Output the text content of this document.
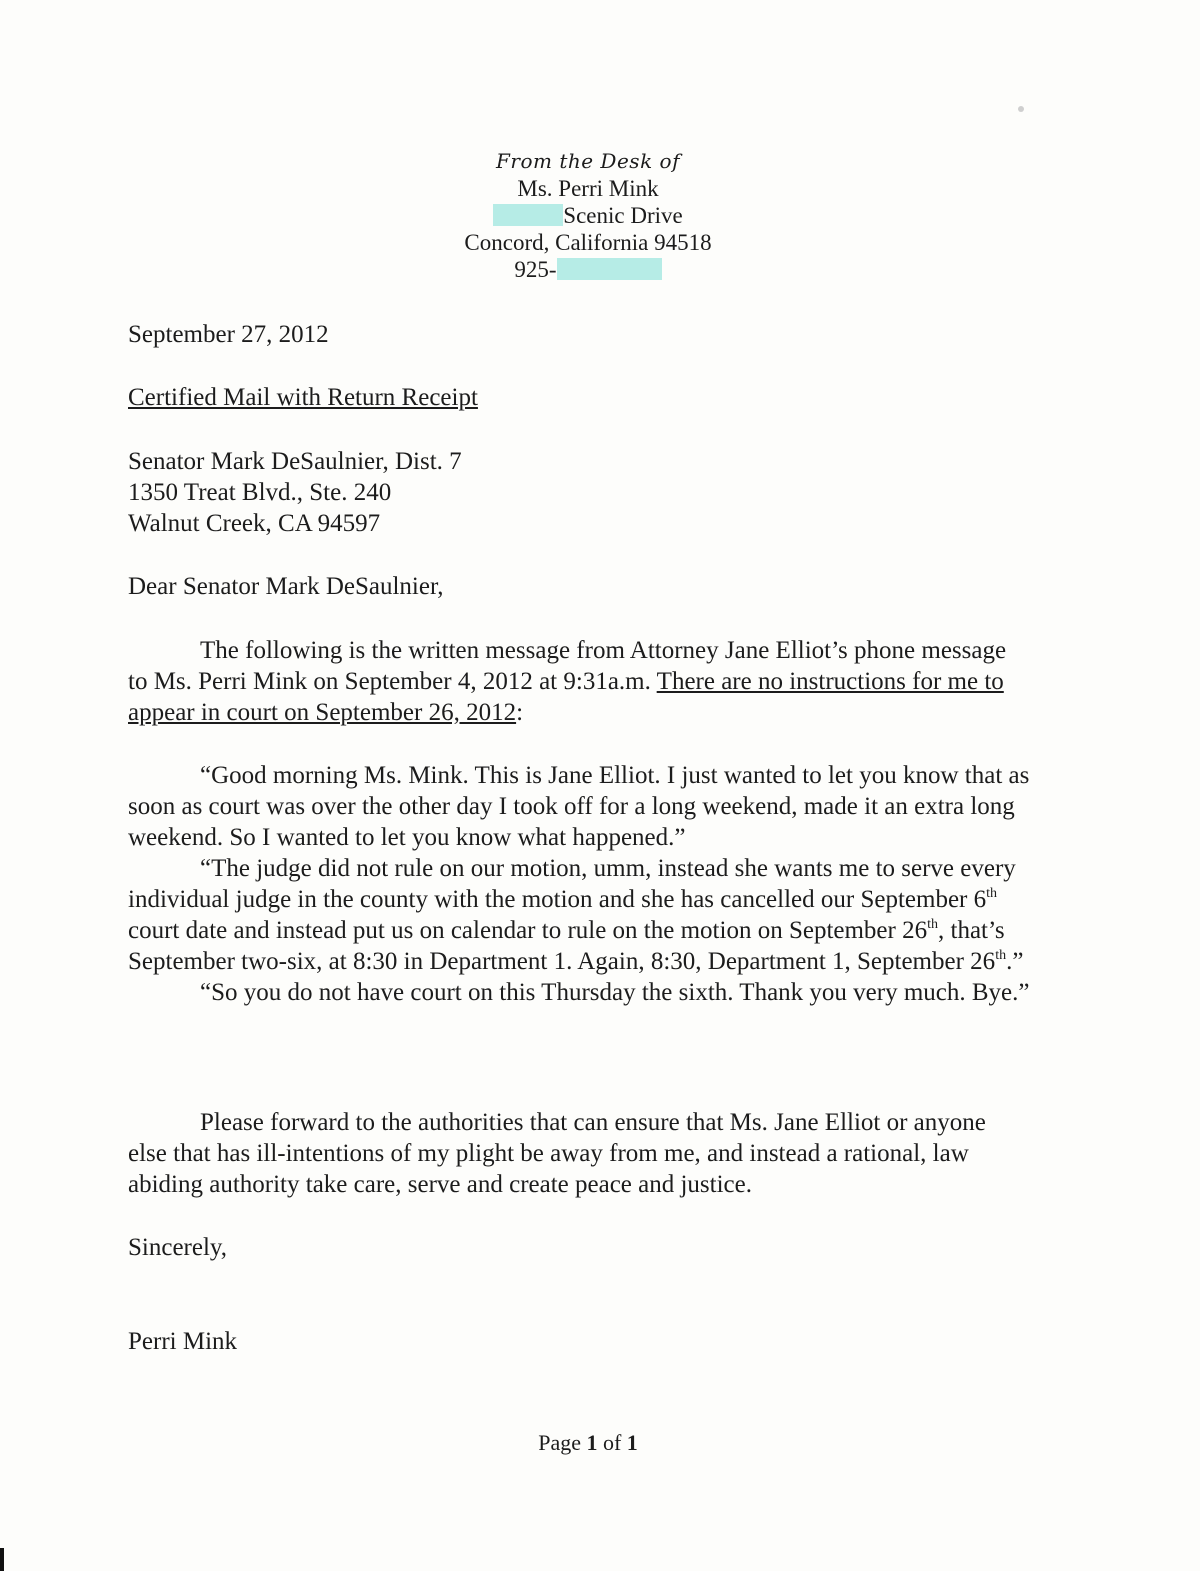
From the Desk of
Ms. Perri Mink
Scenic Drive
Concord, California 94518
925-
September 27, 2012
Certified Mail with Return Receipt
Senator Mark DeSaulnier, Dist. 7
1350 Treat Blvd., Ste. 240
Walnut Creek, CA 94597
Dear Senator Mark DeSaulnier,
The following is the written message from Attorney Jane Elliot’s phone message to Ms. Perri Mink on September 4, 2012 at 9:31a.m. There are no instructions for me to appear in court on September 26, 2012:
“Good morning Ms. Mink. This is Jane Elliot. I just wanted to let you know that as soon as court was over the other day I took off for a long weekend, made it an extra long weekend. So I wanted to let you know what happened.”
“The judge did not rule on our motion, umm, instead she wants me to serve every individual judge in the county with the motion and she has cancelled our September 6th court date and instead put us on calendar to rule on the motion on September 26th, that’s September two-six, at 8:30 in Department 1. Again, 8:30, Department 1, September 26th.”
“So you do not have court on this Thursday the sixth. Thank you very much. Bye.”
Please forward to the authorities that can ensure that Ms. Jane Elliot or anyone else that has ill-intentions of my plight be away from me, and instead a rational, law abiding authority take care, serve and create peace and justice.
Sincerely,
Perri Mink
Page 1 of 1
